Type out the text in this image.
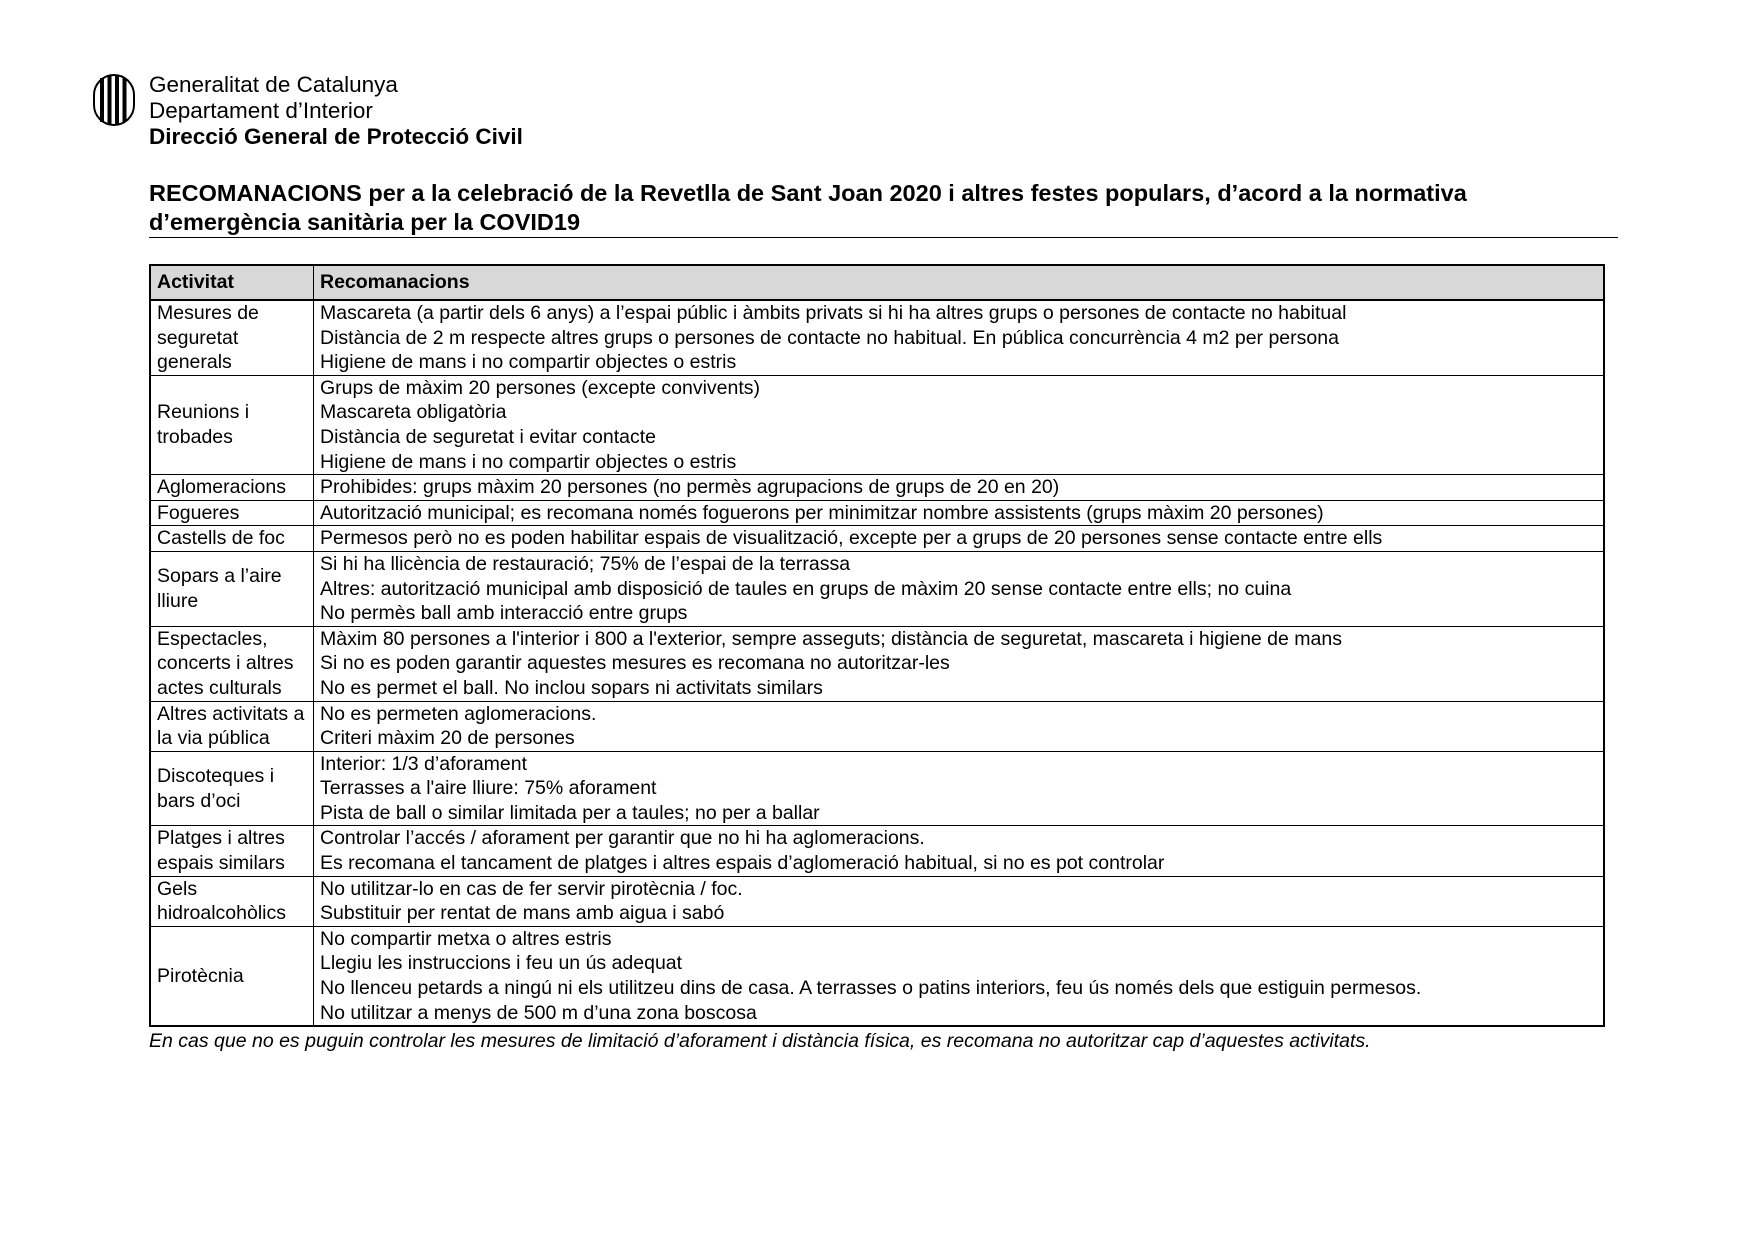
Generalitat de Catalunya
Departament d’Interior
Direcció General de Protecció Civil
RECOMANACIONS per a la celebració de la Revetlla de Sant Joan 2020 i altres festes populars, d’acord a la normativa d’emergència sanitària per la COVID19
Activitat	Recomanacions

Mesures de seguretat generals	Mascareta (a partir dels 6 anys) a l’espai públic i àmbits privats si hi ha altres grups o persones de contacte no habitual
Distància de 2 m respecte altres grups o persones de contacte no habitual. En pública concurrència 4 m2 per persona
Higiene de mans i no compartir objectes o estris

Reunions i trobades	Grups de màxim 20 persones (excepte convivents)
Mascareta obligatòria
Distància de seguretat i evitar contacte
Higiene de mans i no compartir objectes o estris

Aglomeracions	Prohibides: grups màxim 20 persones (no permès agrupacions de grups de 20 en 20)

Fogueres	Autorització municipal; es recomana només foguerons per minimitzar nombre assistents (grups màxim 20 persones)

Castells de foc	Permesos però no es poden habilitar espais de visualització, excepte per a grups de 20 persones sense contacte entre ells

Sopars a l’aire lliure	Si hi ha llicència de restauració; 75% de l’espai de la terrassa
Altres: autorització municipal amb disposició de taules en grups de màxim 20 sense contacte entre ells; no cuina
No permès ball amb interacció entre grups

Espectacles, concerts i altres actes culturals	Màxim 80 persones a l'interior i 800 a l'exterior, sempre asseguts; distància de seguretat, mascareta i higiene de mans
Si no es poden garantir aquestes mesures es recomana no autoritzar-les
No es permet el ball. No inclou sopars ni activitats similars

Altres activitats a la via pública	No es permeten aglomeracions.
Criteri màxim 20 de persones

Discoteques i bars d’oci	Interior: 1/3 d’aforament
Terrasses a l'aire lliure: 75% aforament
Pista de ball o similar limitada per a taules; no per a ballar

Platges i altres espais similars	Controlar l’accés / aforament per garantir que no hi ha aglomeracions.
Es recomana el tancament de platges i altres espais d’aglomeració habitual, si no es pot controlar

Gels hidroalcohòlics	No utilitzar-lo en cas de fer servir pirotècnia / foc.
Substituir per rentat de mans amb aigua i sabó

Pirotècnia	No compartir metxa o altres estris
Llegiu les instruccions i feu un ús adequat
No llenceu petards a ningú ni els utilitzeu dins de casa. A terrasses o patins interiors, feu ús només dels que estiguin permesos.
No utilitzar a menys de 500 m d’una zona boscosa
En cas que no es puguin controlar les mesures de limitació d’aforament i distància física, es recomana no autoritzar cap d’aquestes activitats.
